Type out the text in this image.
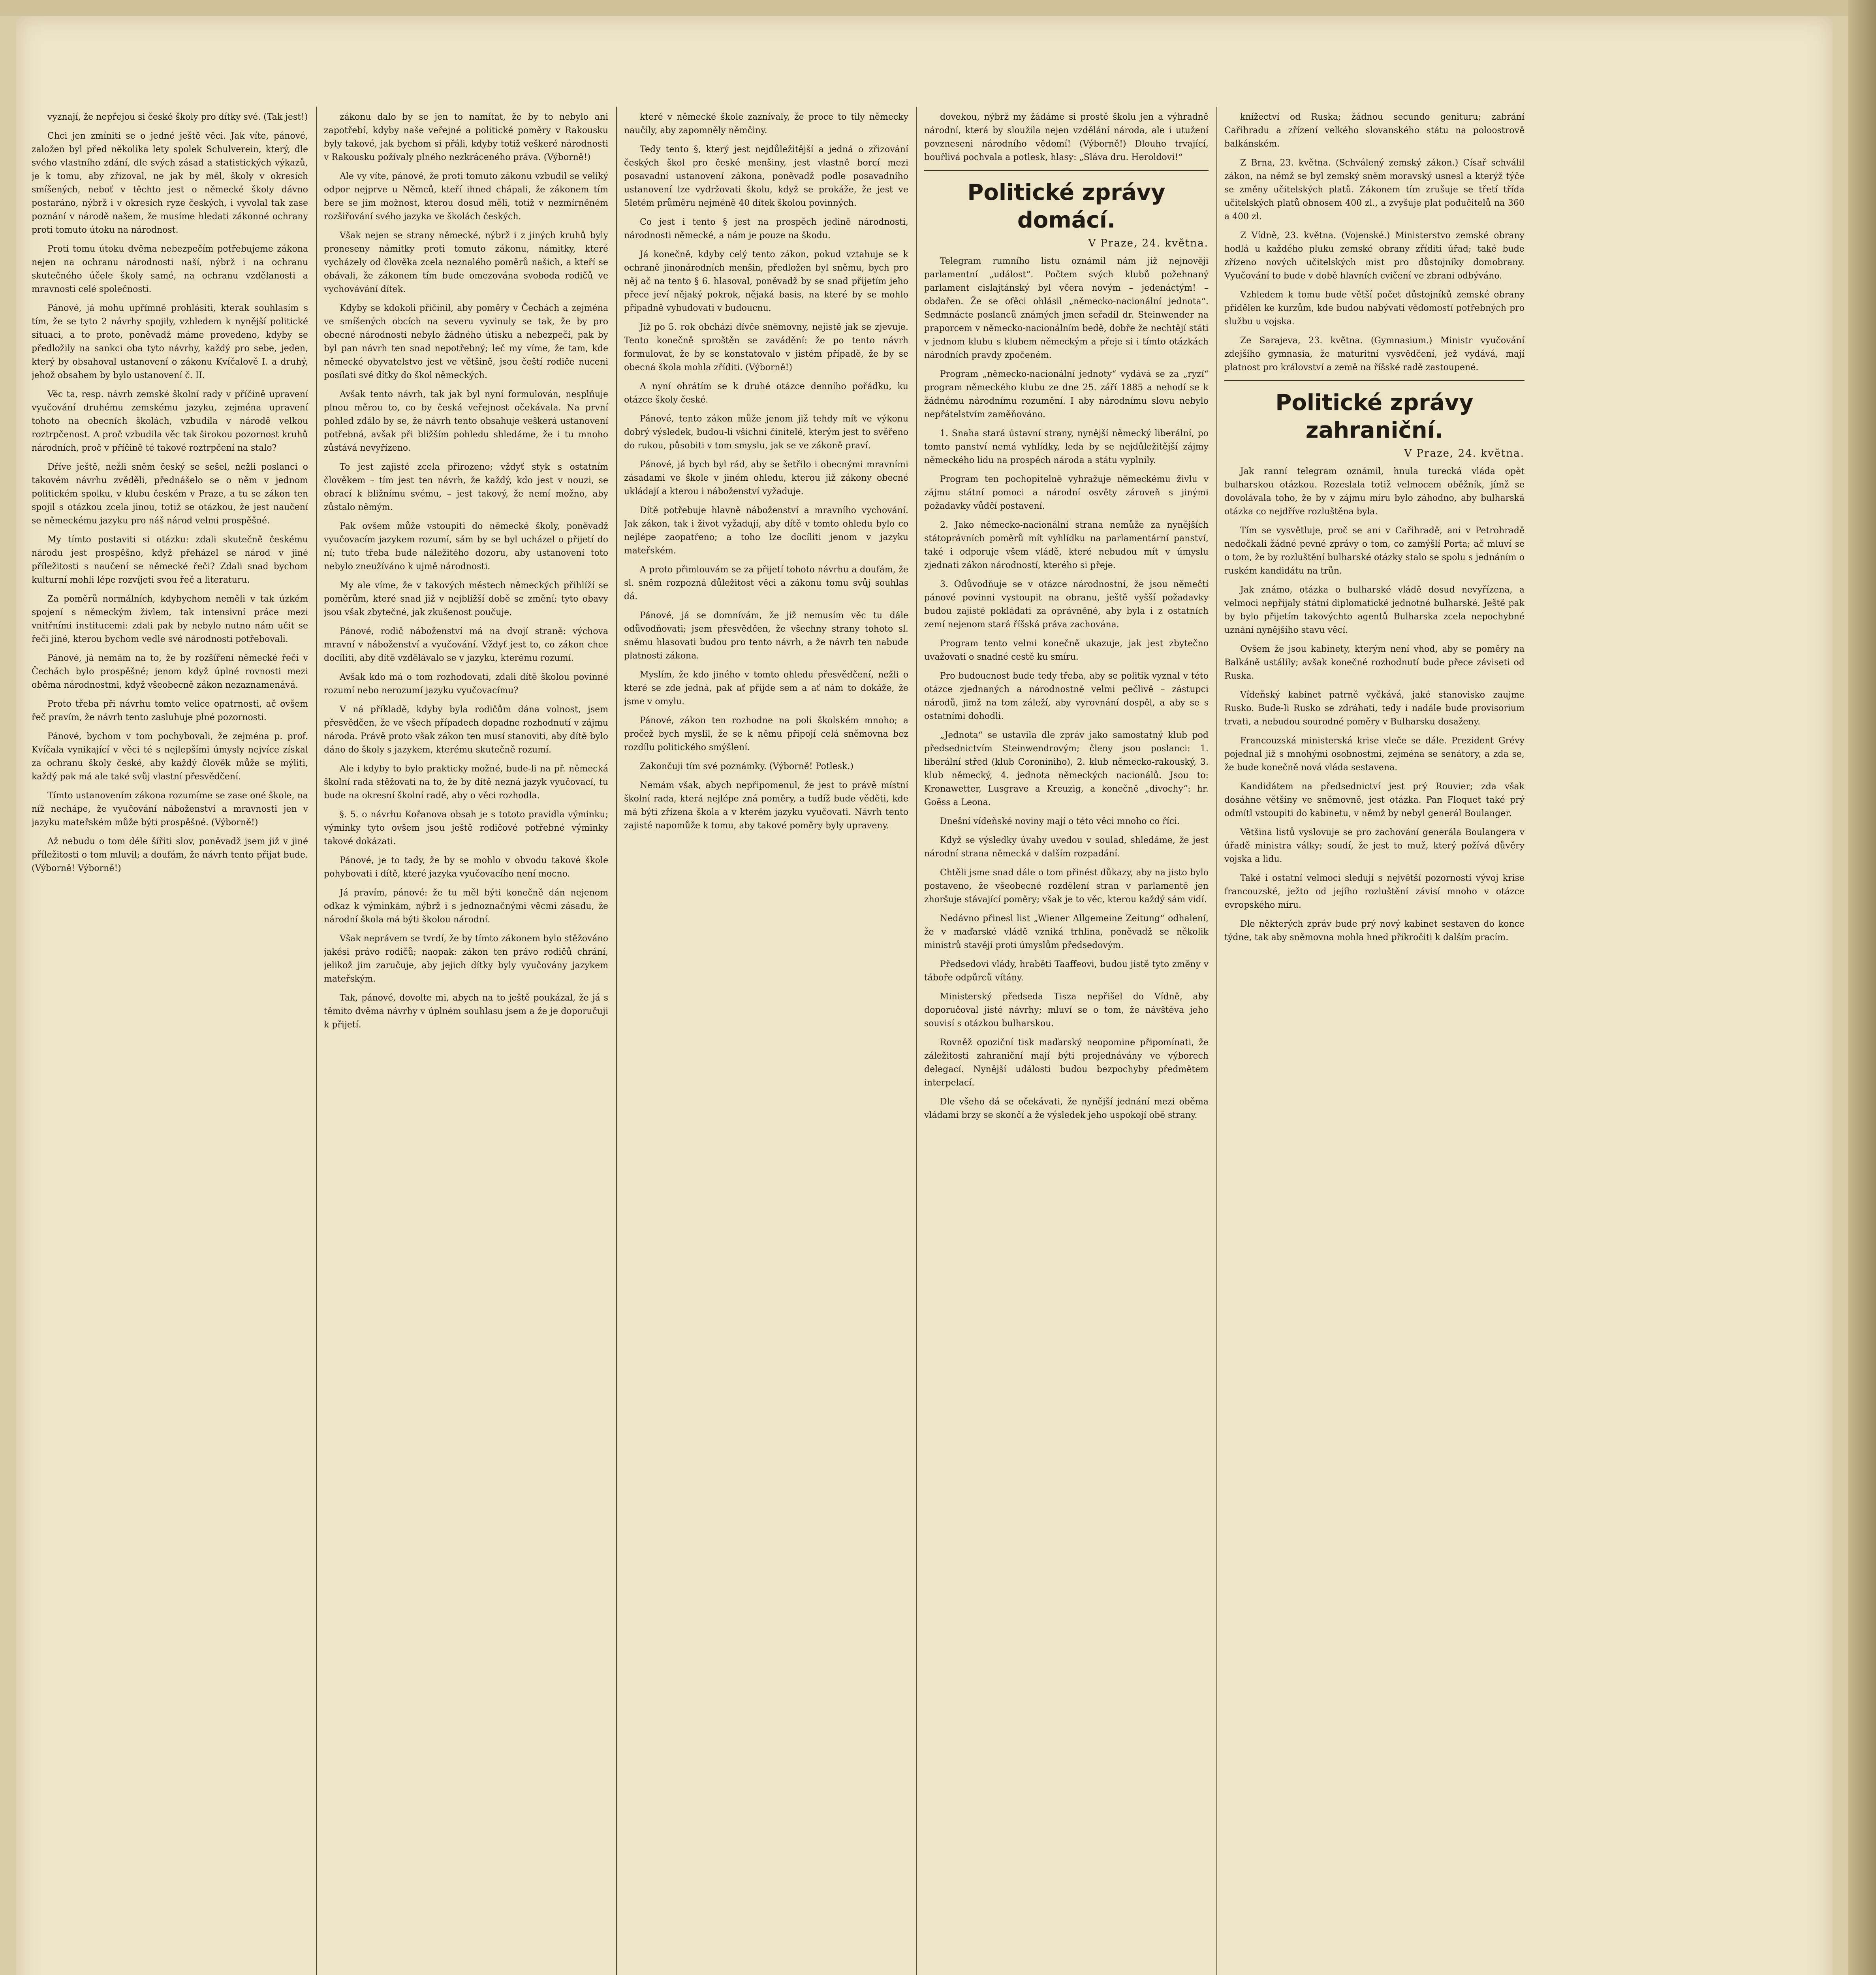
vyznají, že nepřejou si české školy pro dítky své. (Tak jest!)

Chci jen zmíniti se o jedné ještě věci. Jak víte, pánové, založen byl před několika lety spolek Schulverein, který, dle svého vlastního zdání, dle svých zásad a statistických výkazů, je k tomu, aby zřizoval, ne jak by měl, školy v okresích smíšených, neboť v těchto jest o německé školy dávno postaráno, nýbrž i v okresích ryze českých, i vyvolal tak zase poznání v národě našem, že musíme hledati zákonné ochrany proti tomuto útoku na národnost.

Proti tomu útoku dvěma nebezpečím potřebujeme zákona nejen na ochranu národnosti naší, nýbrž i na ochranu skutečného účele školy samé, na ochranu vzdělanosti a mravnosti celé společnosti.

Pánové, já mohu upřímně prohlásiti, kterak souhlasím s tím, že se tyto 2 návrhy spojily, vzhledem k nynější politické situaci, a to proto, poněvadž máme provedeno, kdyby se předložily na sankci oba tyto návrhy, každý pro sebe, jeden, který by obsahoval ustanovení o zákonu Kvíčalově I. a druhý, jehož obsahem by bylo ustanovení č. II.

Věc ta, resp. návrh zemské školní rady v příčině upravení vyučování druhému zemskému jazyku, zejména upravení tohoto na obecních školách, vzbudila v národě velkou roztrpčenost. A proč vzbudila věc tak širokou pozornost kruhů národních, proč v příčině té takové roztrpčení na stalo?

Dříve ještě, nežli sněm český se sešel, nežli poslanci o takovém návrhu zvěděli, přednášelo se o něm v jednom politickém spolku, v klubu českém v Praze, a tu se zákon ten spojil s otázkou zcela jinou, totiž se otázkou, že jest naučení se německému jazyku pro náš národ velmi prospěšné.

My tímto postaviti si otázku: zdali skutečně českému národu jest prospěšno, když přeházel se národ v jiné příležitosti s naučení se německé řeči? Zdali snad bychom kulturní mohli lépe rozvíjeti svou řeč a literaturu.

Za poměrů normálních, kdybychom neměli v tak úzkém spojení s německým živlem, tak intensivní práce mezi vnitřními institucemi: zdali pak by nebylo nutno nám učit se řeči jiné, kterou bychom vedle své národnosti potřebovali.

Pánové, já nemám na to, že by rozšíření německé řeči v Čechách bylo prospěšné; jenom když úplné rovnosti mezi oběma národnostmi, když všeobecně zákon nezaznamenává.

Proto třeba při návrhu tomto velice opatrnosti, ač ovšem řeč pravím, že návrh tento zasluhuje plné pozornosti.

Pánové, bychom v tom pochybovali, že zejména p. prof. Kvíčala vynikající v věci té s nejlepšími úmysly nejvíce získal za ochranu školy české, aby každý člověk může se mýliti, každý pak má ale také svůj vlastní přesvědčení.

Tímto ustanovením zákona rozumíme se zase oné škole, na níž nechápe, že vyučování náboženství a mravnosti jen v jazyku mateřském může býti prospěšné. (Výborně!)

Až nebudu o tom déle šířiti slov, poněvadž jsem již v jiné příležitosti o tom mluvil; a doufám, že návrh tento přijat bude. (Výborně! Výborně!)

zákonu dalo by se jen to namítat, že by to nebylo ani zapotřebí, kdyby naše veřejné a politické poměry v Rakousku byly takové, jak bychom si přáli, kdyby totiž veškeré národnosti v Rakousku požívaly plného nezkráceného práva. (Výborně!)

Ale vy víte, pánové, že proti tomuto zákonu vzbudil se veliký odpor nejprve u Němců, kteří ihned chápali, že zákonem tím bere se jim možnost, kterou dosud měli, totiž v nezmírněném rozšiřování svého jazyka ve školách českých.

Však nejen se strany německé, nýbrž i z jiných kruhů byly proneseny námitky proti tomuto zákonu, námitky, které vycházely od člověka zcela neznalého poměrů našich, a kteří se obávali, že zákonem tím bude omezována svoboda rodičů ve vychovávání dítek.

Kdyby se kdokoli přičinil, aby poměry v Čechách a zejména ve smíšených obcích na severu vyvinuly se tak, že by pro obecné národnosti nebylo žádného útisku a nebezpečí, pak by byl pan návrh ten snad nepotřebný; leč my víme, že tam, kde německé obyvatelstvo jest ve většině, jsou čeští rodiče nuceni posílati své dítky do škol německých.

Avšak tento návrh, tak jak byl nyní formulován, nesplňuje plnou měrou to, co by česká veřejnost očekávala. Na první pohled zdálo by se, že návrh tento obsahuje veškerá ustanovení potřebná, avšak při bližším pohledu shledáme, že i tu mnoho zůstává nevyřízeno.

To jest zajisté zcela přirozeno; vždyť styk s ostatním člověkem – tím jest ten návrh, že každý, kdo jest v nouzi, se obrací k bližnímu svému, – jest takový, že nemí možno, aby zůstalo němým.

Pak ovšem může vstoupiti do německé školy, poněvadž vyučovacím jazykem rozumí, sám by se byl ucházel o přijetí do ní; tuto třeba bude náležitého dozoru, aby ustanovení toto nebylo zneužíváno k ujmě národnosti.

My ale víme, že v takových městech německých přihlíží se poměrům, které snad již v nejbližší době se změní; tyto obavy jsou však zbytečné, jak zkušenost poučuje.

Pánové, rodič náboženství má na dvojí straně: výchova mravní v náboženství a vyučování. Vždyť jest to, co zákon chce docíliti, aby dítě vzdělávalo se v jazyku, kterému rozumí.

Avšak kdo má o tom rozhodovati, zdali dítě školou povinné rozumí nebo nerozumí jazyku vyučovacímu?

V ná příkladě, kdyby byla rodičům dána volnost, jsem přesvědčen, že ve všech případech dopadne rozhodnutí v zájmu národa. Právě proto však zákon ten musí stanoviti, aby dítě bylo dáno do školy s jazykem, kterému skutečně rozumí.

Ale i kdyby to bylo prakticky možné, bude-li na př. německá školní rada stěžovati na to, že by dítě nezná jazyk vyučovací, tu bude na okresní školní radě, aby o věci rozhodla.

§. 5. o návrhu Kořanova obsah je s tototo pravidla výminku; výminky tyto ovšem jsou ještě rodičové potřebné výminky takové dokázati.

Pánové, je to tady, že by se mohlo v obvodu takové škole pohybovati i dítě, které jazyka vyučovacího není mocno.

Já pravím, pánové: že tu měl býti konečně dán nejenom odkaz k výminkám, nýbrž i s jednoznačnými věcmi zásadu, že národní škola má býti školou národní.

Však neprávem se tvrdí, že by tímto zákonem bylo stěžováno jakési právo rodičů; naopak: zákon ten právo rodičů chrání, jelikož jim zaručuje, aby jejich dítky byly vyučovány jazykem mateřským.

Tak, pánové, dovolte mi, abych na to ještě poukázal, že já s těmito dvěma návrhy v úplném souhlasu jsem a že je doporučuji k přijetí.

které v německé škole zaznívaly, že proce to tily německy naučily, aby zapomněly němčiny.

Tedy tento §, který jest nejdůležitější a jedná o zřizování českých škol pro české menšiny, jest vlastně borcí mezi posavadní ustanovení zákona, poněvadž podle posavadního ustanovení lze vydržovati školu, když se prokáže, že jest ve 5letém průměru nejméně 40 dítek školou povinných.

Co jest i tento § jest na prospěch jedině národnosti, národnosti německé, a nám je pouze na škodu.

Já konečně, kdyby celý tento zákon, pokud vztahuje se k ochraně jinonárodních menšin, předložen byl sněmu, bych pro něj ač na tento § 6. hlasoval, poněvadž by se snad přijetím jeho přece jeví nějaký pokrok, nějaká basis, na které by se mohlo případně vybudovati v budoucnu.

Již po 5. rok obcházi dívče sněmovny, nejistě jak se zjevuje. Tento konečně sproštěn se zavádění: že po tento návrh formulovat, že by se konstatovalo v jistém případě, že by se obecná škola mohla zříditi. (Výborně!)

A nyní ohrátím se k druhé otázce denního pořádku, ku otázce školy české.

Pánové, tento zákon může jenom již tehdy mít ve výkonu dobrý výsledek, budou-li všichni činitelé, kterým jest to svěřeno do rukou, působiti v tom smyslu, jak se ve zákoně praví.

Pánové, já bych byl rád, aby se šetřilo i obecnými mravními zásadami ve škole v jiném ohledu, kterou již zákony obecné ukládají a kterou i náboženství vyžaduje.

Dítě potřebuje hlavně náboženství a mravního vychování. Jak zákon, tak i život vyžadují, aby dítě v tomto ohledu bylo co nejlépe zaopatřeno; a toho lze docíliti jenom v jazyku mateřském.

A proto přimlouvám se za přijetí tohoto návrhu a doufám, že sl. sněm rozpozná důležitost věci a zákonu tomu svůj souhlas dá.

Pánové, já se domnívám, že již nemusím věc tu dále odůvodňovati; jsem přesvědčen, že všechny strany tohoto sl. sněmu hlasovati budou pro tento návrh, a že návrh ten nabude platnosti zákona.

Myslím, že kdo jiného v tomto ohledu přesvědčení, nežli o které se zde jedná, pak ať přijde sem a ať nám to dokáže, že jsme v omylu.

Pánové, zákon ten rozhodne na poli školském mnoho; a pročež bych myslil, že se k němu připojí celá sněmovna bez rozdílu politického smýšlení.

Zakončuji tím své poznámky. (Výborně! Potlesk.)

Nemám však, abych nepřipomenul, že jest to právě místní školní rada, která nejlépe zná poměry, a tudíž bude věděti, kde má býti zřízena škola a v kterém jazyku vyučovati. Návrh tento zajisté napomůže k tomu, aby takové poměry byly upraveny.

dovekou, nýbrž my žádáme si prostě školu jen a výhradně národní, která by sloužila nejen vzdělání národa, ale i utužení povzneseni národního vědomí! (Výborně!) Dlouho trvající, bouřlivá pochvala a potlesk, hlasy: „Sláva dru. Heroldovi!“

Politické zprávy domácí.
V Praze, 24. května.

Telegram rumního listu oznámil nám již nejnověji parlamentní „událost“. Počtem svých klubů požehnaný parlament cislajtánský byl včera novým – jedenáctým! – obdařen. Že se ofěci ohlásil „německo-nacionální jednota“. Sedmnácte poslanců známých jmen seřadil dr. Steinwender na praporcem v německo-nacionálním bedě, dobře že nechtějí státi v jednom klubu s klubem německým a přeje si i tímto otázkách národních pravdy zpočeném.

Program „německo-nacionální jednoty“ vydává se za „ryzí“ program německého klubu ze dne 25. září 1885 a nehodí se k žádnému národnímu rozumění. I aby národnímu slovu nebylo nepřátelstvím zaměňováno.

1. Snaha stará ústavní strany, nynější německý liberální, po tomto panství nemá vyhlídky, leda by se nejdůležitější zájmy německého lidu na prospěch národa a státu vyplnily.

Program ten pochopitelně vyhražuje německému živlu v zájmu státní pomoci a národní osvěty zároveň s jinými požadavky vůdčí postavení.

2. Jako německo-nacionální strana nemůže za nynějších státoprávních poměrů mít vyhlídku na parlamentární panství, také i odporuje všem vládě, které nebudou mít v úmyslu zjednati zákon národností, kterého si přeje.

3. Odůvodňuje se v otázce národnostní, že jsou němečtí pánové povinni vystoupit na obranu, ještě vyšší požadavky budou zajisté pokládati za oprávněné, aby byla i z ostatních zemí nejenom stará říšská práva zachována.

Program tento velmi konečně ukazuje, jak jest zbytečno uvažovati o snadné cestě ku smíru.

Pro budoucnost bude tedy třeba, aby se politik vyznal v této otázce zjednaných a národnostně velmi pečlivě – zástupci národů, jimž na tom záleží, aby vyrovnání dospěl, a aby se s ostatními dohodli.

„Jednota“ se ustavila dle zpráv jako samostatný klub pod předsednictvím Steinwendrovým; členy jsou poslanci: 1. liberální střed (klub Coroniniho), 2. klub německo-rakouský, 3. klub německý, 4. jednota německých nacionálů. Jsou to: Kronawetter, Lusgrave a Kreuzig, a konečně „divochy“: hr. Goëss a Leona.

Dnešní vídeňské noviny mají o této věci mnoho co říci.

Když se výsledky úvahy uvedou v soulad, shledáme, že jest národní strana německá v dalším rozpadání.

Chtěli jsme snad dále o tom přinést důkazy, aby na jisto bylo postaveno, že všeobecné rozdělení stran v parlamentě jen zhoršuje stávající poměry; však je to věc, kterou každý sám vidí.

Nedávno přinesl list „Wiener Allgemeine Zeitung“ odhalení, že v maďarské vládě vzniká trhlina, poněvadž se několik ministrů stavějí proti úmyslům předsedovým.

Předsedovi vlády, hraběti Taaffeovi, budou jistě tyto změny v táboře odpůrců vítány.

Ministerský předseda Tisza nepřišel do Vídně, aby doporučoval jisté návrhy; mluví se o tom, že návštěva jeho souvisí s otázkou bulharskou.

Rovněž opoziční tisk maďarský neopomine připomínati, že záležitosti zahraniční mají býti projednávány ve výborech delegací. Nynější události budou bezpochyby předmětem interpelací.

Dle všeho dá se očekávati, že nynější jednání mezi oběma vládami brzy se skončí a že výsledek jeho uspokojí obě strany.

knížectví od Ruska; žádnou secundo genituru; zabrání Cařihradu a zřízení velkého slovanského státu na poloostrově balkánském.

Z Brna, 23. května. (Schválený zemský zákon.) Císař schválil zákon, na němž se byl zemský sněm moravský usnesl a kterýž týče se změny učitelských platů. Zákonem tím zrušuje se třetí třída učitelských platů obnosem 400 zl., a zvyšuje plat podučitelů na 360 a 400 zl.

Z Vídně, 23. května. (Vojenské.) Ministerstvo zemské obrany hodlá u každého pluku zemské obrany zříditi úřad; také bude zřízeno nových učitelských mist pro důstojníky domobrany. Vyučování to bude v době hlavních cvičení ve zbrani odbýváno.

Vzhledem k tomu bude větší počet důstojníků zemské obrany přidělen ke kurzům, kde budou nabývati vědomostí potřebných pro službu u vojska.

Ze Sarajeva, 23. května. (Gymnasium.) Ministr vyučování zdejšího gymnasia, že maturitní vysvědčení, jež vydává, mají platnost pro království a země na říšské radě zastoupené.

Politické zprávy zahraniční.
V Praze, 24. května.

Jak ranní telegram oznámil, hnula turecká vláda opět bulharskou otázkou. Rozeslala totiž velmocem oběžník, jímž se dovolávala toho, že by v zájmu míru bylo záhodno, aby bulharská otázka co nejdříve rozluštěna byla.

Tím se vysvětluje, proč se ani v Cařihradě, ani v Petrohradě nedočkali žádné pevné zprávy o tom, co zamýšlí Porta; ač mluví se o tom, že by rozluštění bulharské otázky stalo se spolu s jednáním o ruském kandidátu na trůn.

Jak známo, otázka o bulharské vládě dosud nevyřízena, a velmoci nepřijaly státní diplomatické jednotné bulharské. Ještě pak by bylo přijetím takovýchto agentů Bulharska zcela nepochybné uznání nynějšího stavu věcí.

Ovšem že jsou kabinety, kterým není vhod, aby se poměry na Balkáně ustálily; avšak konečné rozhodnutí bude přece záviseti od Ruska.

Vídeňský kabinet patrně vyčkává, jaké stanovisko zaujme Rusko. Bude-li Rusko se zdráhati, tedy i nadále bude provisorium trvati, a nebudou sourodné poměry v Bulharsku dosaženy.

Francouzská ministerská krise vleče se dále. Prezident Grévy pojednal již s mnohými osobnostmi, zejména se senátory, a zda se, že bude konečně nová vláda sestavena.

Kandidátem na předsednictví jest prý Rouvier; zda však dosáhne většiny ve sněmovně, jest otázka. Pan Floquet také prý odmítl vstoupiti do kabinetu, v němž by nebyl generál Boulanger.

Většina listů vyslovuje se pro zachování generála Boulangera v úřadě ministra války; soudí, že jest to muž, který požívá důvěry vojska a lidu.

Také i ostatní velmoci sledují s největší pozorností vývoj krise francouzské, ježto od jejího rozluštění závisí mnoho v otázce evropského míru.

Dle některých zpráv bude prý nový kabinet sestaven do konce týdne, tak aby sněmovna mohla hned přikročiti k dalším pracím.
